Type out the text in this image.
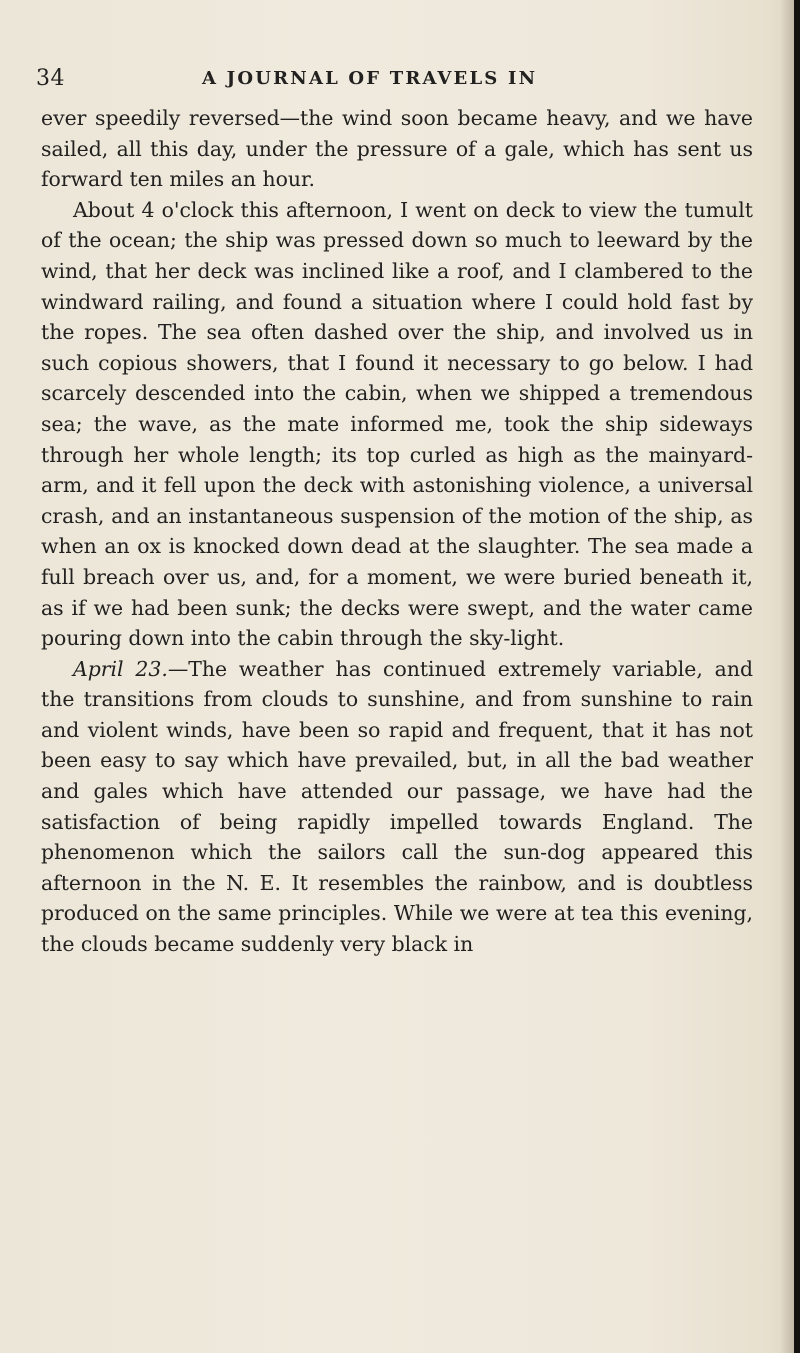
34	A JOURNAL OF TRAVELS IN

ever speedily reversed—the wind soon became heavy, and we have sailed, all this day, under the pressure of a gale, which has sent us forward ten miles an hour.

About 4 o'clock this afternoon, I went on deck to view the tumult of the ocean; the ship was pressed down so much to leeward by the wind, that her deck was inclined like a roof, and I clambered to the windward railing, and found a situation where I could hold fast by the ropes. The sea often dashed over the ship, and involved us in such copious showers, that I found it necessary to go below. I had scarcely descended into the cabin, when we shipped a tremendous sea; the wave, as the mate informed me, took the ship sideways through her whole length; its top curled as high as the mainyard-arm, and it fell upon the deck with astonishing violence, a universal crash, and an instantaneous suspension of the motion of the ship, as when an ox is knocked down dead at the slaughter. The sea made a full breach over us, and, for a moment, we were buried beneath it, as if we had been sunk; the decks were swept, and the water came pouring down into the cabin through the sky-light.

April 23.—The weather has continued extremely variable, and the transitions from clouds to sunshine, and from sunshine to rain and violent winds, have been so rapid and frequent, that it has not been easy to say which have prevailed, but, in all the bad weather and gales which have attended our passage, we have had the satisfaction of being rapidly impelled towards England. The phenomenon which the sailors call the sun-dog appeared this afternoon in the N. E. It resembles the rainbow, and is doubtless produced on the same principles. While we were at tea this evening, the clouds became suddenly very black in
